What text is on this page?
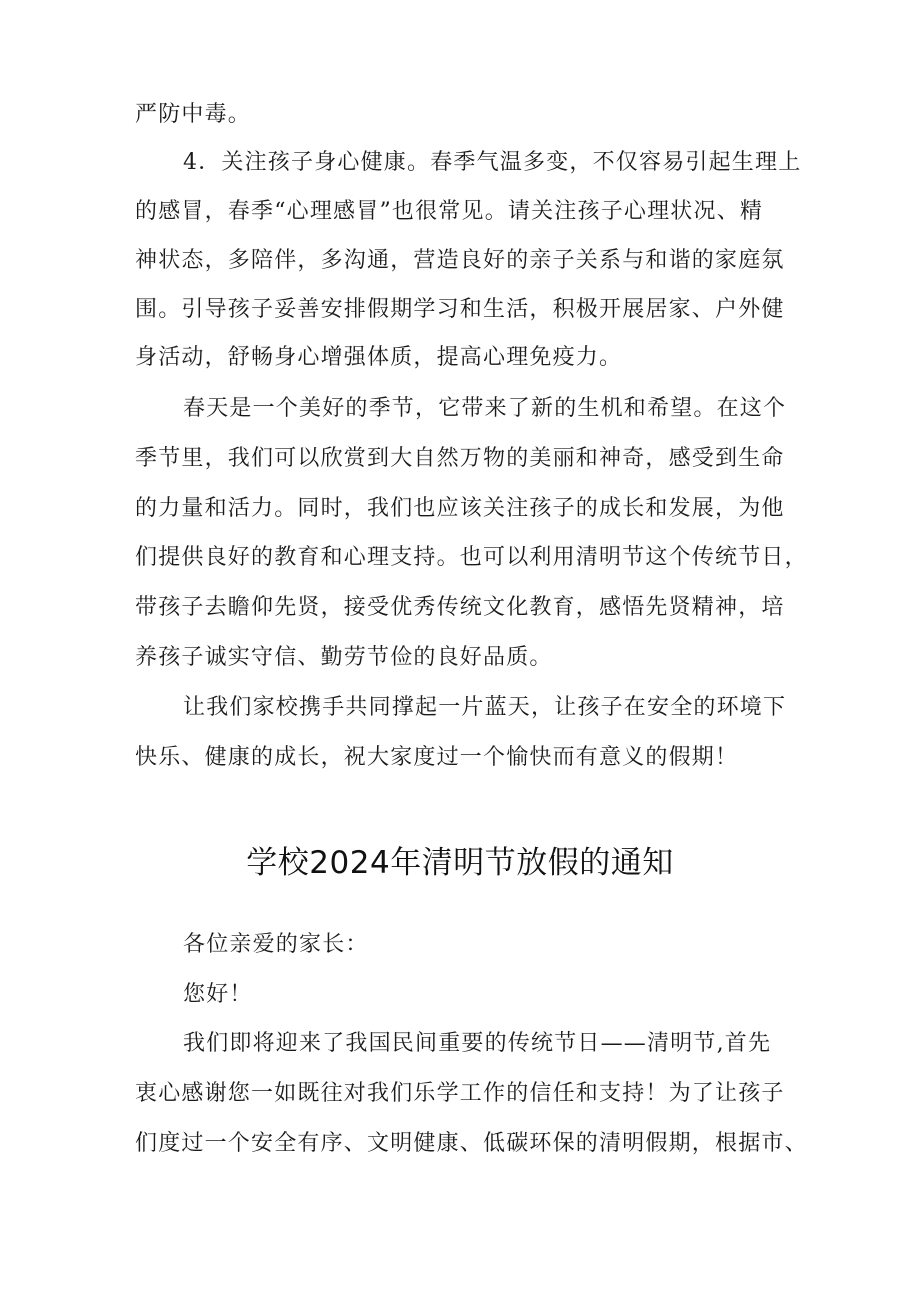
严防中毒。
4．关注孩子身心健康。春季气温多变，不仅容易引起生理上
的感冒，春季“心理感冒”也很常见。请关注孩子心理状况、精
神状态，多陪伴，多沟通，营造良好的亲子关系与和谐的家庭氛
围。引导孩子妥善安排假期学习和生活，积极开展居家、户外健
身活动，舒畅身心增强体质，提高心理免疫力。
春天是一个美好的季节，它带来了新的生机和希望。在这个
季节里，我们可以欣赏到大自然万物的美丽和神奇，感受到生命
的力量和活力。同时，我们也应该关注孩子的成长和发展，为他
们提供良好的教育和心理支持。也可以利用清明节这个传统节日，
带孩子去瞻仰先贤，接受优秀传统文化教育，感悟先贤精神，培
养孩子诚实守信、勤劳节俭的良好品质。
让我们家校携手共同撑起一片蓝天，让孩子在安全的环境下
快乐、健康的成长，祝大家度过一个愉快而有意义的假期！
学校2024年清明节放假的通知
各位亲爱的家长：
您好！
我们即将迎来了我国民间重要的传统节日——清明节,首先
衷心感谢您一如既往对我们乐学工作的信任和支持！为了让孩子
们度过一个安全有序、文明健康、低碳环保的清明假期，根据市、
